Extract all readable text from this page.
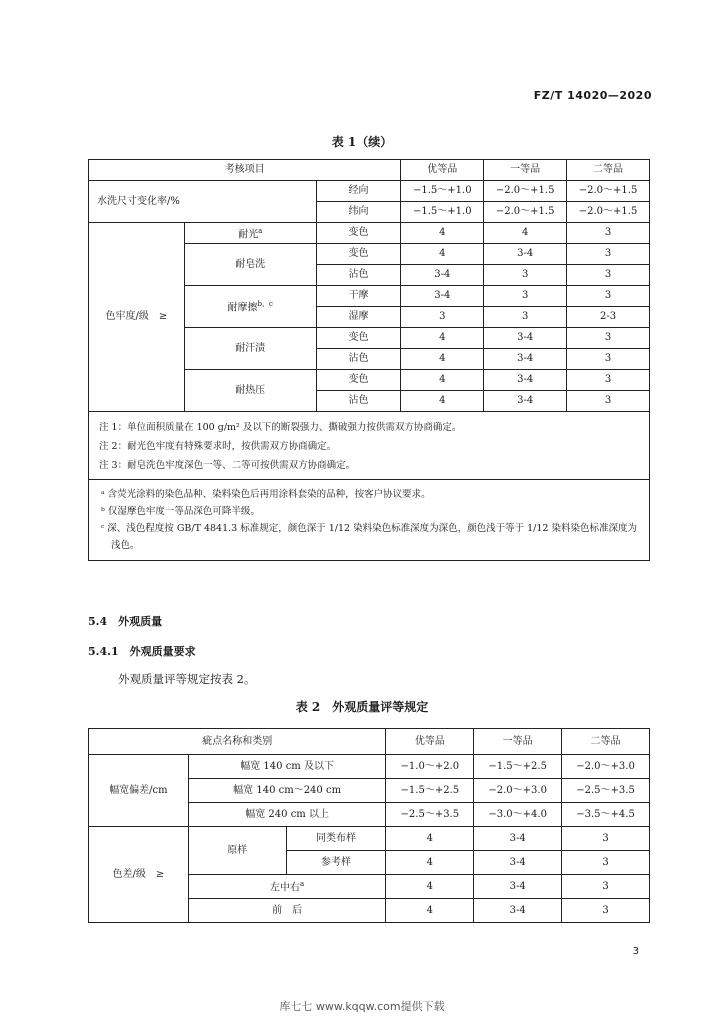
FZ/T 14020—2020
表 1（续）
考核项目			优等品	一等品	二等品
水洗尺寸变化率/%		经向	−1.5～+1.0	−2.0～+1.5	−2.0～+1.5
		纬向	−1.5～+1.0	−2.0～+1.5	−2.0～+1.5
色牢度/级　≥	耐光$^a$	变色	4	4	3
	耐皂洗	变色	4	3-4	3
		沾色	3-4	3	3
	耐摩擦$^{b、c}$	干摩	3-4	3	3
		湿摩	3	3	2-3
	耐汗渍	变色	4	3-4	3
		沾色	4	3-4	3
	耐热压	变色	4	3-4	3
		沾色	4	3-4	3

注 1：单位面积质量在 100 g/m² 及以下的断裂强力、撕破强力按供需双方协商确定。
注 2：耐光色牢度有特殊要求时，按供需双方协商确定。
注 3：耐皂洗色牢度深色一等、二等可按供需双方协商确定。					

ᵃ 含荧光涂料的染色品种、染料染色后再用涂料套染的品种，按客户协议要求。
ᵇ 仅湿摩色牢度一等品深色可降半级。
ᶜ 深、浅色程度按 GB/T 4841.3 标准规定，颜色深于 1/12 染料染色标准深度为深色，颜色浅于等于 1/12 染料染色标准深度为浅色。					
5.4　外观质量
5.4.1　外观质量要求
外观质量评等规定按表 2。
表 2　外观质量评等规定
疵点名称和类别			优等品	一等品	二等品
幅宽偏差/cm	幅宽 140 cm 及以下		−1.0～+2.0	−1.5～+2.5	−2.0～+3.0
	幅宽 140 cm～240 cm		−1.5～+2.5	−2.0～+3.0	−2.5～+3.5
	幅宽 240 cm 以上		−2.5～+3.5	−3.0～+4.0	−3.5～+4.5
色差/级　≥	原样	同类布样	4	3-4	3
		参考样	4	3-4	3
	左中右$^a$		4	3-4	3
	前　后		4	3-4	3
3
库七七 www.kqqw.com提供下载
